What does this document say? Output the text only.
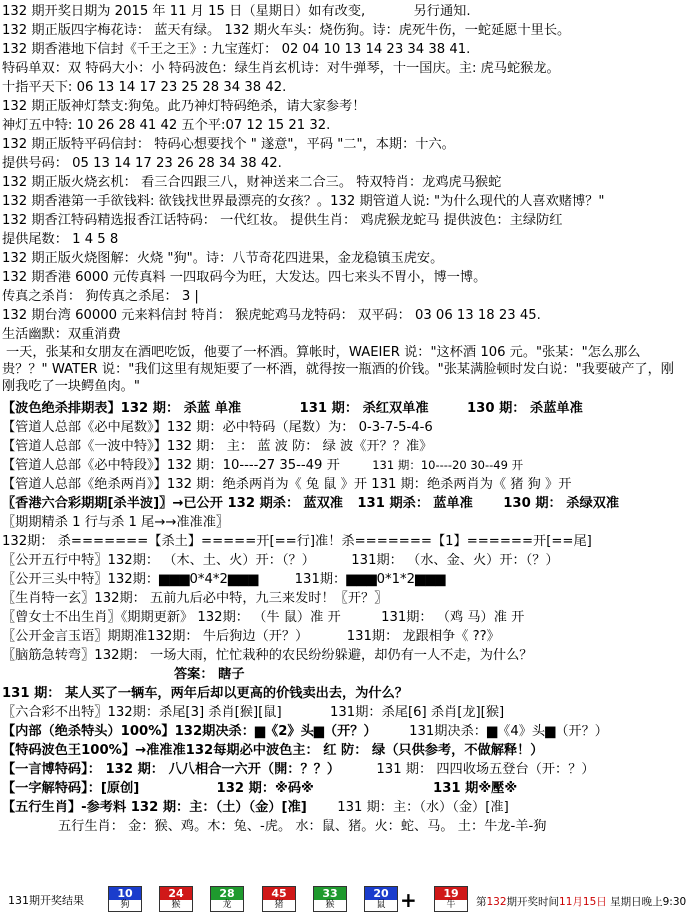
132 期开奖日期为 2015 年 11 月 15 日（星期日）如有改变,	另行通知.
132 期正版四字梅花诗： 蓝天有绿。 132 期火车头：烧伤狗。诗：虎死牛伤，一蛇延愿十里长。
132 期香港地下信封《千王之王》: 九宝莲灯： 02 04 10 13 14 23 34 38 41.
特码单双：双 特码大小：小 特码波色：绿生肖玄机诗：对牛弹琴，十一国庆。主: 虎马蛇猴龙。
十指平天下: 06 13 14 17 23 25 28 34 38 42.
132 期正版神灯禁支:狗兔。此乃神灯特码绝杀，请大家参考！
神灯五中特: 10 26 28 41 42 五个平:07 12 15 21 32.
132 期正版特平码信封： 特码心想要找个 " 遂意"，平码 "二"，本期：十六。
提供号码： 05 13 14 17 23 26 28 34 38 42.
132 期正版火烧玄机： 看三合四跟三八，财神送来二合三。 特双特肖：龙鸡虎马猴蛇
132 期香港第一手欲钱料: 欲钱找世界最漂亮的女孩？。132 期管道人说: "为什么现代的人喜欢赌博？"
132 期香江特码精选报香江话特码： 一代红妆。 提供生肖： 鸡虎猴龙蛇马 提供波色：主绿防红
提供尾数： 1 4 5 8
132 期正版火烧图解：火烧 "狗"。诗：八节奇花四进果，金龙稳镇玉虎安。
132 期香港 6000 元传真料 一四取码今为旺，大发达。四七来头不胃小，博一博。
传真之杀肖： 狗传真之杀尾： 3 |
132 期台湾 60000 元来料信封 特肖： 猴虎蛇鸡马龙特码： 双平码： 03 06 13 18 23 45.
生活幽默：双重消费
一天，张某和女朋友在酒吧吃饭，他要了一杯酒。算帐时，WAEIER 说："这杯酒 106 元。"张某："怎么那么贵？？" WATER 说："我们这里有规矩要了一杯酒，就得按一瓶酒的价钱。"张某满脸顿时发白说："我要破产了，刚刚我吃了一块鳄鱼肉。"
【波色绝杀排期表】132 期： 杀蓝 单准	131 期： 杀红双单准	130 期： 杀蓝单准
【管道人总部《必中尾数》】132 期：必中特码（尾数）为： 0-3-7-5-4-6
【管道人总部《一波中特》】132 期： 主： 蓝 波 防： 绿 波《开？？准》
【管道人总部《必中特段》】132 期：10----27 35--49 开	131 期：10----20 30--49 开
【管道人总部《绝杀两肖》】132 期：绝杀两肖为《 兔 鼠 》开 131 期：绝杀两肖为《 猪 狗 》开
〖香港六合彩期期[杀半波]〗→已公开 132 期杀： 蓝双准 131 期杀： 蓝单准 130 期： 杀绿双准
〖期期精杀 1 行与杀 1 尾→→准准准〗
132期： 杀=======【杀土】=====开[==行]准！杀=======【1】======开[==尾]
〖公开五行中特〗132期： （木、土、火）开：（？）	131期： （水、金、火）开：（？）
〖公开三头中特〗132期：▆▆▆0*4*2▆▆▆	131期：▆▆▆0*1*2▆▆▆
〖生肖特一玄〗132期： 五前九后必中特，九三来发时！〖开？〗
〖曾女士不出生肖〗《期期更新》 132期： （牛 鼠）准 开	131期： （鸡 马）准 开
〖公开金言玉语〗期期准132期： 牛后狗边（开？）	131期： 龙跟相争《 ??》
〖脑筋急转弯〗132期： 一场大雨，忙忙栽种的农民纷纷躲避，却仍有一人不走，为什么？
答案： 瞎子
131 期： 某人买了一辆车，两年后却以更高的价钱卖出去，为什么？
〖六合彩不出特〗132期：杀尾[3] 杀肖[猴][鼠]	131期：杀尾[6] 杀肖[龙][猴]
【内部（绝杀特头）100%】132期决杀：▆《2》头▆（开？） 131期决杀：▆《4》头▆（开？）
【特码波色王100%】→准准准132每期必中波色主： 红 防： 绿（只供参考，不做解释！）
【一言博特码】： 132 期： 八八相合一六开（開：？？）	131 期： 四四收场五登台（开：？）
【一字解特码】：[原创]	132 期：※码※	131 期※壓※
【五行生肖】-参考料 132 期：主：（土）（金）[准] 131 期：主：（水）（金）[准]
五行生肖： 金：猴、鸡。木：兔、-虎。 水：鼠、猪。火：蛇、马。 土：牛龙-羊-狗
131期开奖结果
10
狗
24
猴
28
龙
45
猪
33
猴
20
鼠 +	19
牛	第132期开奖时间11月15日 星期日晚上9:30
